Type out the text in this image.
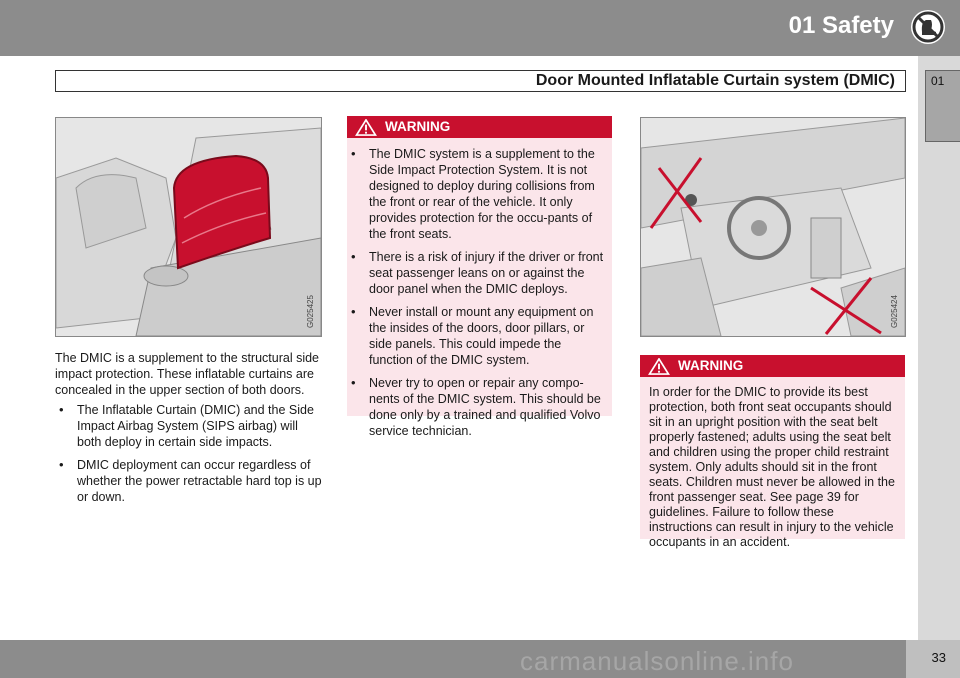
01 Safety
Door Mounted Inflatable Curtain system (DMIC)	01
G025425
The DMIC is a supplement to the structural side impact protection. These inflatable curtains are concealed in the upper section of both doors.
• The Inflatable Curtain (DMIC) and the Side Impact Airbag System (SIPS airbag) will both deploy in certain side impacts.
• DMIC deployment can occur regardless of whether the power retractable hard top is up or down.
WARNING
• The DMIC system is a supplement to the Side Impact Protection System. It is not designed to deploy during collisions from the front or rear of the vehicle. It only provides protection for the occu-pants of the front seats.
• There is a risk of injury if the driver or front seat passenger leans on or against the door panel when the DMIC deploys.
• Never install or mount any equipment on the insides of the doors, door pillars, or side panels. This could impede the function of the DMIC system.
• Never try to open or repair any compo-nents of the DMIC system. This should be done only by a trained and qualified Volvo service technician.
G025424
WARNING
In order for the DMIC to provide its best protection, both front seat occupants should sit in an upright position with the seat belt properly fastened; adults using the seat belt and children using the proper child restraint system. Only adults should sit in the front seats. Children must never be allowed in the front passenger seat. See page 39 for guidelines. Failure to follow these instructions can result in injury to the vehicle occupants in an accident.
carmanualsonline.info	33
